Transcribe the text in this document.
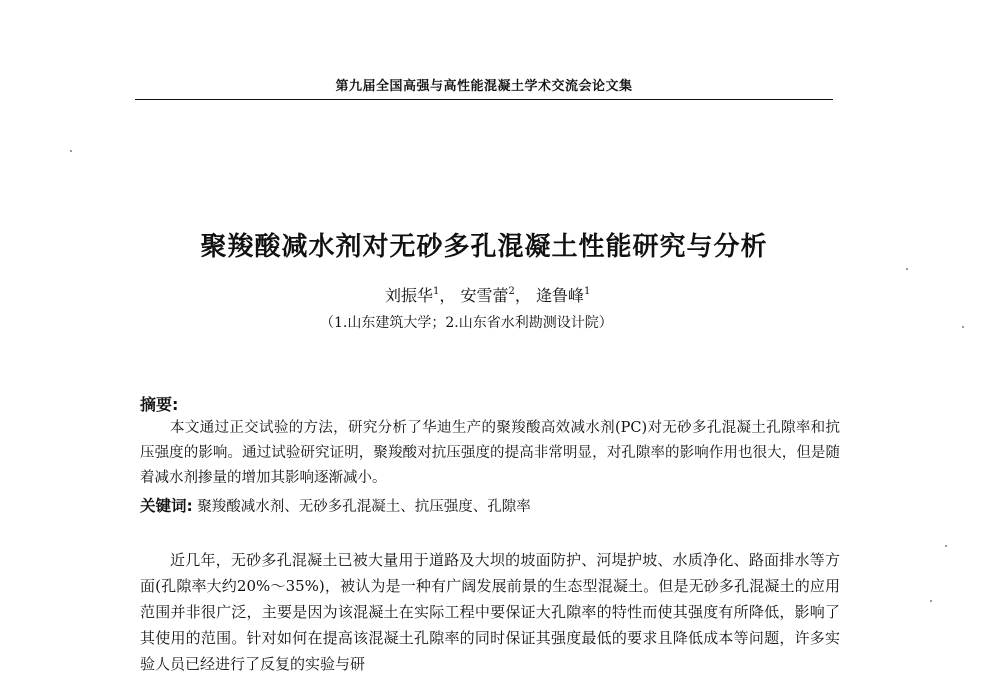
第九届全国高强与高性能混凝土学术交流会论文集
聚羧酸减水剂对无砂多孔混凝土性能研究与分析
刘振华$^1$， 安雪蕾$^2$， 逄鲁峰$^1$
（1.山东建筑大学；2.山东省水利勘测设计院）
摘要:

本文通过正交试验的方法，研究分析了华迪生产的聚羧酸高效减水剂(PC)对无砂多孔混凝土孔隙率和抗压强度的影响。通过试验研究证明，聚羧酸对抗压强度的提高非常明显，对孔隙率的影响作用也很大，但是随着减水剂掺量的增加其影响逐渐减小。

关键词: 聚羧酸减水剂、无砂多孔混凝土、抗压强度、孔隙率

近几年，无砂多孔混凝土已被大量用于道路及大坝的坡面防护、河堤护坡、水质净化、路面排水等方面(孔隙率大约20%～35%)，被认为是一种有广阔发展前景的生态型混凝土。但是无砂多孔混凝土的应用范围并非很广泛，主要是因为该混凝土在实际工程中要保证大孔隙率的特性而使其强度有所降低，影响了其使用的范围。针对如何在提高该混凝土孔隙率的同时保证其强度最低的要求且降低成本等问题，许多实验人员已经进行了反复的实验与研
